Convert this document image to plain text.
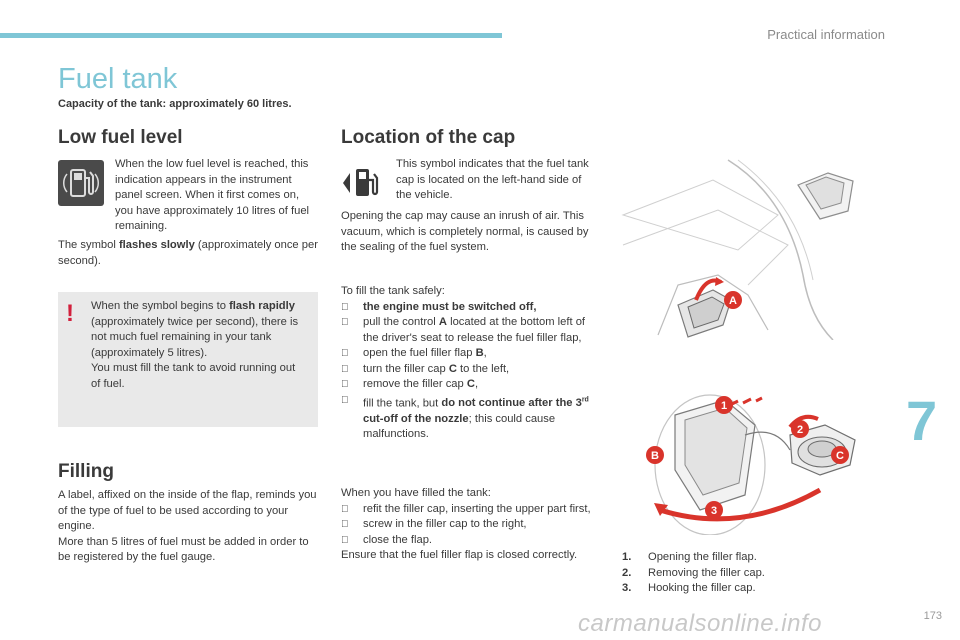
Practical information
Fuel tank
Capacity of the tank: approximately 60 litres.
Low fuel level
When the low fuel level is reached, this indication appears in the instrument panel screen. When it first comes on, you have approximately 10 litres of fuel remaining.
The symbol flashes slowly (approximately once per second).
! When the symbol begins to flash rapidly (approximately twice per second), there is not much fuel remaining in your tank (approximately 5 litres).

You must fill the tank to avoid running out of fuel.

Filling

A label, affixed on the inside of the flap, reminds you of the type of fuel to be used according to your engine.

More than 5 litres of fuel must be added in order to be registered by the fuel gauge.

Location of the cap
This symbol indicates that the fuel tank cap is located on the left-hand side of the vehicle.
Opening the cap may cause an inrush of air. This vacuum, which is completely normal, is caused by the sealing of the fuel system.

To fill the tank safely:

the engine must be switched off,
pull the control A located at the bottom left of the driver's seat to release the fuel filler flap,
open the fuel filler flap B,
turn the filler cap C to the left,
remove the filler cap C,
fill the tank, but do not continue after the 3rd cut-off of the nozzle; this could cause malfunctions.

When you have filled the tank:

refit the filler cap, inserting the upper part first,
screw in the filler cap to the right,
close the flap.

Ensure that the fuel filler flap is closed correctly.

A
1
2
3
B	C
1. Opening the filler flap.
2. Removing the filler cap.
3. Hooking the filler cap.
7
carmanualsonline.info	173
